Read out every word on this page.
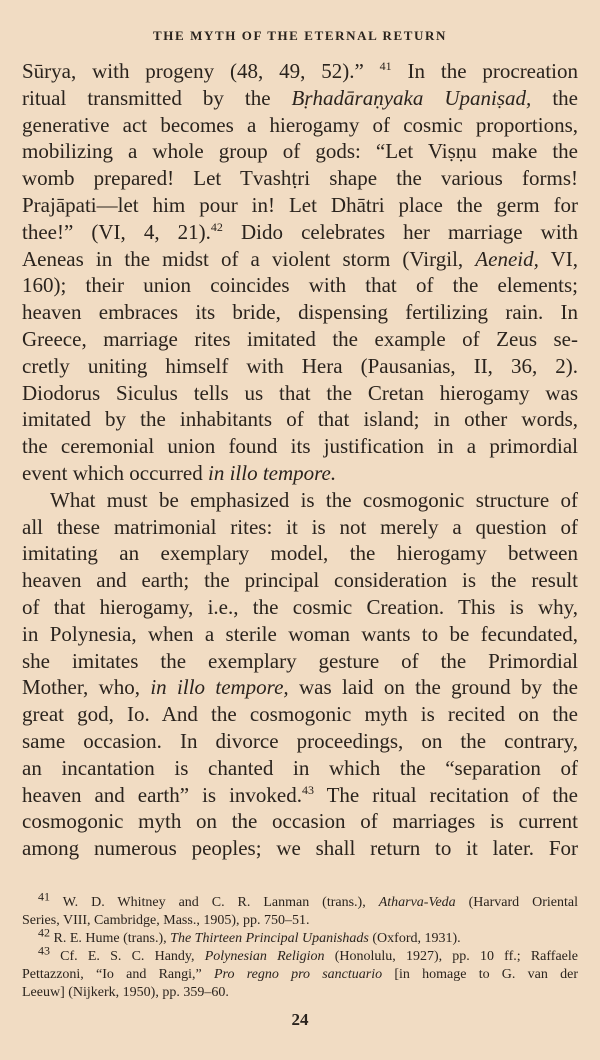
THE MYTH OF THE ETERNAL RETURN
Sūrya, with progeny (48, 49, 52).” $^{41}$ In the procreation
ritual transmitted by the Bṛhadāraṇyaka Upaniṣad, the
generative act becomes a hierogamy of cosmic proportions,
mobilizing a whole group of gods: “Let Viṣṇu make the
womb prepared! Let Tvashṭri shape the various forms!
Prajāpati—let him pour in! Let Dhātri place the germ for
thee!” (VI, 4, 21).$^{42}$ Dido celebrates her marriage with
Aeneas in the midst of a violent storm (Virgil, Aeneid, VI,
160); their union coincides with that of the elements;
heaven embraces its bride, dispensing fertilizing rain. In
Greece, marriage rites imitated the example of Zeus se-
cretly uniting himself with Hera (Pausanias, II, 36, 2).
Diodorus Siculus tells us that the Cretan hierogamy was
imitated by the inhabitants of that island; in other words,
the ceremonial union found its justification in a primordial
event which occurred in illo tempore.
What must be emphasized is the cosmogonic structure of
all these matrimonial rites: it is not merely a question of
imitating an exemplary model, the hierogamy between
heaven and earth; the principal consideration is the result
of that hierogamy, i.e., the cosmic Creation. This is why,
in Polynesia, when a sterile woman wants to be fecundated,
she imitates the exemplary gesture of the Primordial
Mother, who, in illo tempore, was laid on the ground by the
great god, Io. And the cosmogonic myth is recited on the
same occasion. In divorce proceedings, on the contrary,
an incantation is chanted in which the “separation of
heaven and earth” is invoked.$^{43}$ The ritual recitation of the
cosmogonic myth on the occasion of marriages is current
among numerous peoples; we shall return to it later. For
$^{41}$ W. D. Whitney and C. R. Lanman (trans.), Atharva-Veda (Harvard Oriental
Series, VIII, Cambridge, Mass., 1905), pp. 750–51.
$^{42}$ R. E. Hume (trans.), The Thirteen Principal Upanishads (Oxford, 1931).
$^{43}$ Cf. E. S. C. Handy, Polynesian Religion (Honolulu, 1927), pp. 10 ff.; Raffaele
Pettazzoni, “Io and Rangi,” Pro regno pro sanctuario [in homage to G. van der
Leeuw] (Nijkerk, 1950), pp. 359–60.
24
